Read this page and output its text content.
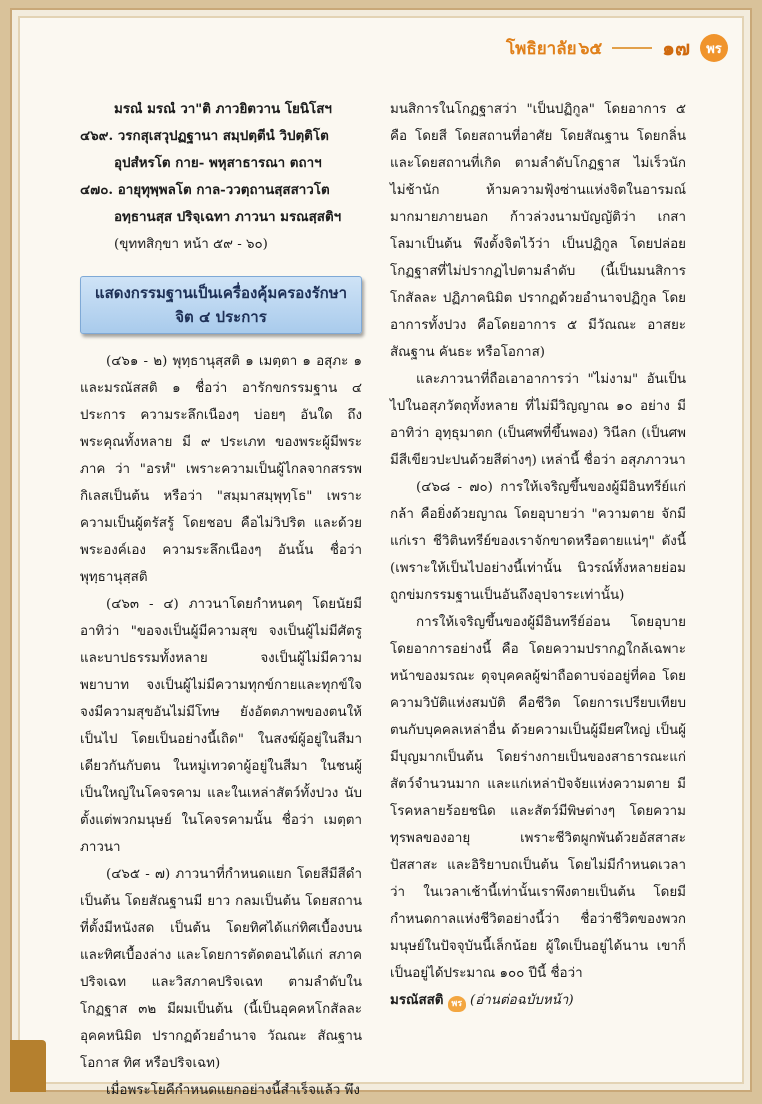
โพธิยาลัย ๖๕	๑๗	พร

มรณํ มรณํ วา"ติ ภาวยิตวาน โยนิโสฯ

๔๖๙. วรกสุเสวุปฏฐานา สมฺปตฺตีนํ วิปตฺติโต

อุปสํหรโต กาย- พหุสาธารณา ตถาฯ

๔๗๐. อายุทุพฺพลโต กาล-ววตฺถานสฺสสาวโต

อทฺธานสฺส ปริจฺเฉทา ภาวนา มรณสฺสติฯ

(ขุททสิกฺขา หน้า ๕๙ - ๖๐)

แสดงกรรมฐานเป็นเครื่องคุ้มครองรักษาจิต ๔ ประการ

(๔๖๑ - ๒) พุทฺธานุสฺสติ ๑ เมตฺตา ๑ อสุภะ ๑ และมรณัสสติ ๑ ชื่อว่า อารักขกรรมฐาน ๔ ประการ ความระลึกเนืองๆ บ่อยๆ อันใด ถึงพระคุณทั้งหลาย มี ๙ ประเภท ของพระผู้มีพระภาค ว่า "อรหํ" เพราะความเป็นผู้ไกลจากสรรพกิเลสเป็นต้น หรือว่า "สมฺมาสมฺพุทฺโธ" เพราะความเป็นผู้ตรัสรู้ โดยชอบ คือไม่วิปริต และด้วยพระองค์เอง ความระลึกเนืองๆ อันนั้น ชื่อว่า พุทฺธานุสฺสติ

(๔๖๓ - ๔) ภาวนาโดยกำหนดๆ โดยนัยมีอาทิว่า "ขอจงเป็นผู้มีความสุข จงเป็นผู้ไม่มีศัตรูและบาปธรรมทั้งหลาย จงเป็นผู้ไม่มีความพยาบาท จงเป็นผู้ไม่มีความทุกข์กายและทุกข์ใจ จงมีความสุขอันไม่มีโทษ ยังอัตตภาพของตนให้เป็นไป โดยเป็นอย่างนี้เถิด" ในสงฆ์ผู้อยู่ในสีมาเดียวกันกับตน ในหมู่เทวดาผู้อยู่ในสีมา ในชนผู้เป็นใหญ่ในโคจรคาม และในเหล่าสัตว์ทั้งปวง นับตั้งแต่พวกมนุษย์ ในโคจรคามนั้น ชื่อว่า เมตฺตาภาวนา

(๔๖๕ - ๗) ภาวนาที่กำหนดแยก โดยสีมีสีดำเป็นต้น โดยสัณฐานมี ยาว กลมเป็นต้น โดยสถานที่ตั้งมีหนังสด เป็นต้น โดยทิศได้แก่ทิศเบื้องบน และทิศเบื้องล่าง และโดยการตัดตอนได้แก่ สภาคปริจเฉท และวิสภาคปริจเฉท ตามลำดับในโกฏฐาส ๓๒ มีผมเป็นต้น (นี้เป็นอุคคหโกสัลละ อุคคหนิมิต ปรากฏด้วยอำนาจ วัณณะ สัณฐาน โอกาส ทิศ หรือปริจเฉท)

เมื่อพระโยคีกำหนดแยกอย่างนี้สำเร็จแล้ว พึง

มนสิการในโกฏฐาสว่า "เป็นปฏิกูล" โดยอาการ ๕ คือ โดยสี โดยสถานที่อาศัย โดยสัณฐาน โดยกลิ่น และโดยสถานที่เกิด ตามลำดับโกฏฐาส ไม่เร็วนัก ไม่ช้านัก ห้ามความฟุ้งซ่านแห่งจิตในอารมณ์มากมายภายนอก ก้าวล่วงนามบัญญัติว่า เกสา โลมาเป็นต้น พึงตั้งจิตไว้ว่า เป็นปฏิกูล โดยปล่อยโกฏฐาสที่ไม่ปรากฏไปตามลำดับ (นี้เป็นมนสิการโกสัลละ ปฏิภาคนิมิต ปรากฏด้วยอำนาจปฏิกูล โดยอาการทั้งปวง คือโดยอาการ ๕ มีวัณณะ อาสยะ สัณฐาน คันธะ หรือโอกาส)

และภาวนาที่ถือเอาอาการว่า "ไม่งาม" อันเป็นไปในอสุภวัตถุทั้งหลาย ที่ไม่มีวิญญาณ ๑๐ อย่าง มีอาทิว่า อุทฺธุมาตก (เป็นศพที่ขึ้นพอง) วินีลก (เป็นศพมีสีเขียวปะปนด้วยสีต่างๆ) เหล่านี้ ชื่อว่า อสุภภาวนา

(๔๖๘ - ๗๐) การให้เจริญขึ้นของผู้มีอินทรีย์แก่กล้า คือยิ่งด้วยญาณ โดยอุบายว่า "ความตาย จักมีแก่เรา ชีวิตินทรีย์ของเราจักขาดหรือตายแน่ๆ" ดังนี้ (เพราะให้เป็นไปอย่างนี้เท่านั้น นิวรณ์ทั้งหลายย่อมถูกข่มกรรมฐานเป็นอันถึงอุปจาระเท่านั้น)

การให้เจริญขึ้นของผู้มีอินทรีย์อ่อน โดยอุบายโดยอาการอย่างนี้ คือ โดยความปรากฏใกล้เฉพาะหน้าของมรณะ ดุจบุคคลผู้ฆ่าถือดาบจ่ออยู่ที่คอ โดยความวิบัติแห่งสมบัติ คือชีวิต โดยการเปรียบเทียบตนกับบุคคลเหล่าอื่น ด้วยความเป็นผู้มียศใหญ่ เป็นผู้มีบุญมากเป็นต้น โดยร่างกายเป็นของสาธารณะแก่สัตว์จำนวนมาก และแก่เหล่าปัจจัยแห่งความตาย มีโรคหลายร้อยชนิด และสัตว์มีพิษต่างๆ โดยความทุรพลของอายุ เพราะชีวิตผูกพันด้วยอัสสาสะปัสสาสะ และอิริยาบถเป็นต้น โดยไม่มีกำหนดเวลาว่า ในเวลาเช้านี้เท่านั้นเราพึงตายเป็นต้น โดยมีกำหนดกาลแห่งชีวิตอย่างนี้ว่า ชื่อว่าชีวิตของพวกมนุษย์ในปัจจุบันนี้เล็กน้อย ผู้ใดเป็นอยู่ได้นาน เขาก็เป็นอยู่ได้ประมาณ ๑๐๐ ปีนี้ ชื่อว่า

มรณัสสติ พร (อ่านต่อฉบับหน้า)
